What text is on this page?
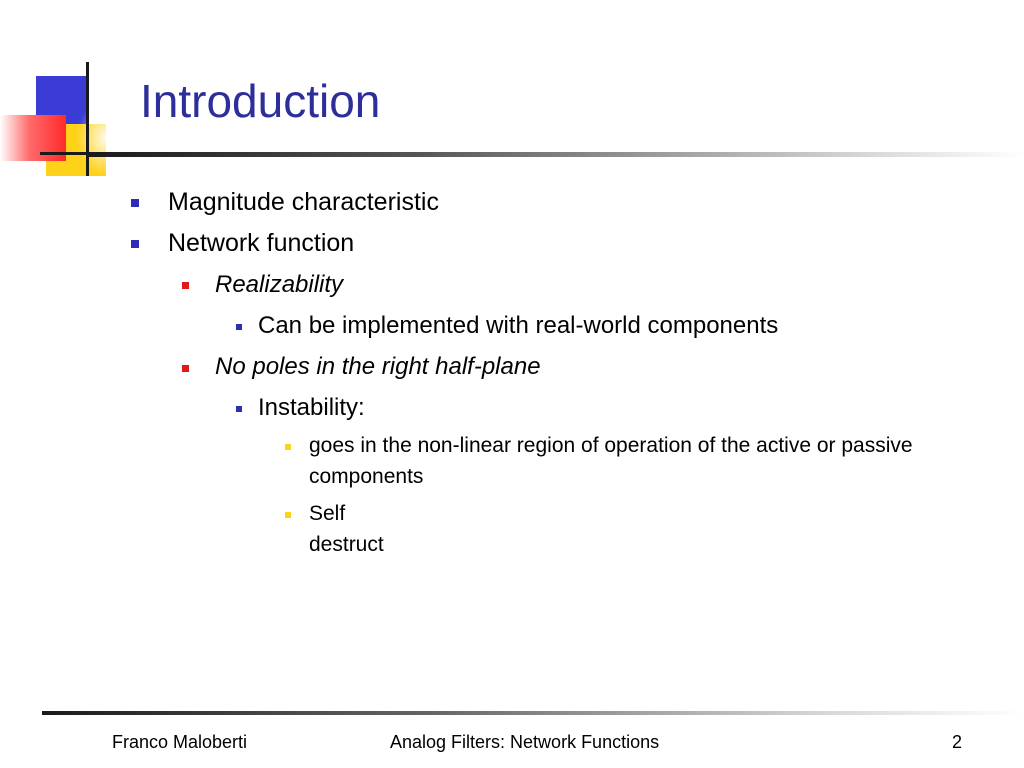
Introduction
Magnitude characteristic
Network function
Realizability
Can be implemented with real-world components
No poles in the right half-plane
Instability:
goes in the non-linear region of operation of the active or passive components
Self destruct
Franco Maloberti	Analog Filters: Network Functions	2
